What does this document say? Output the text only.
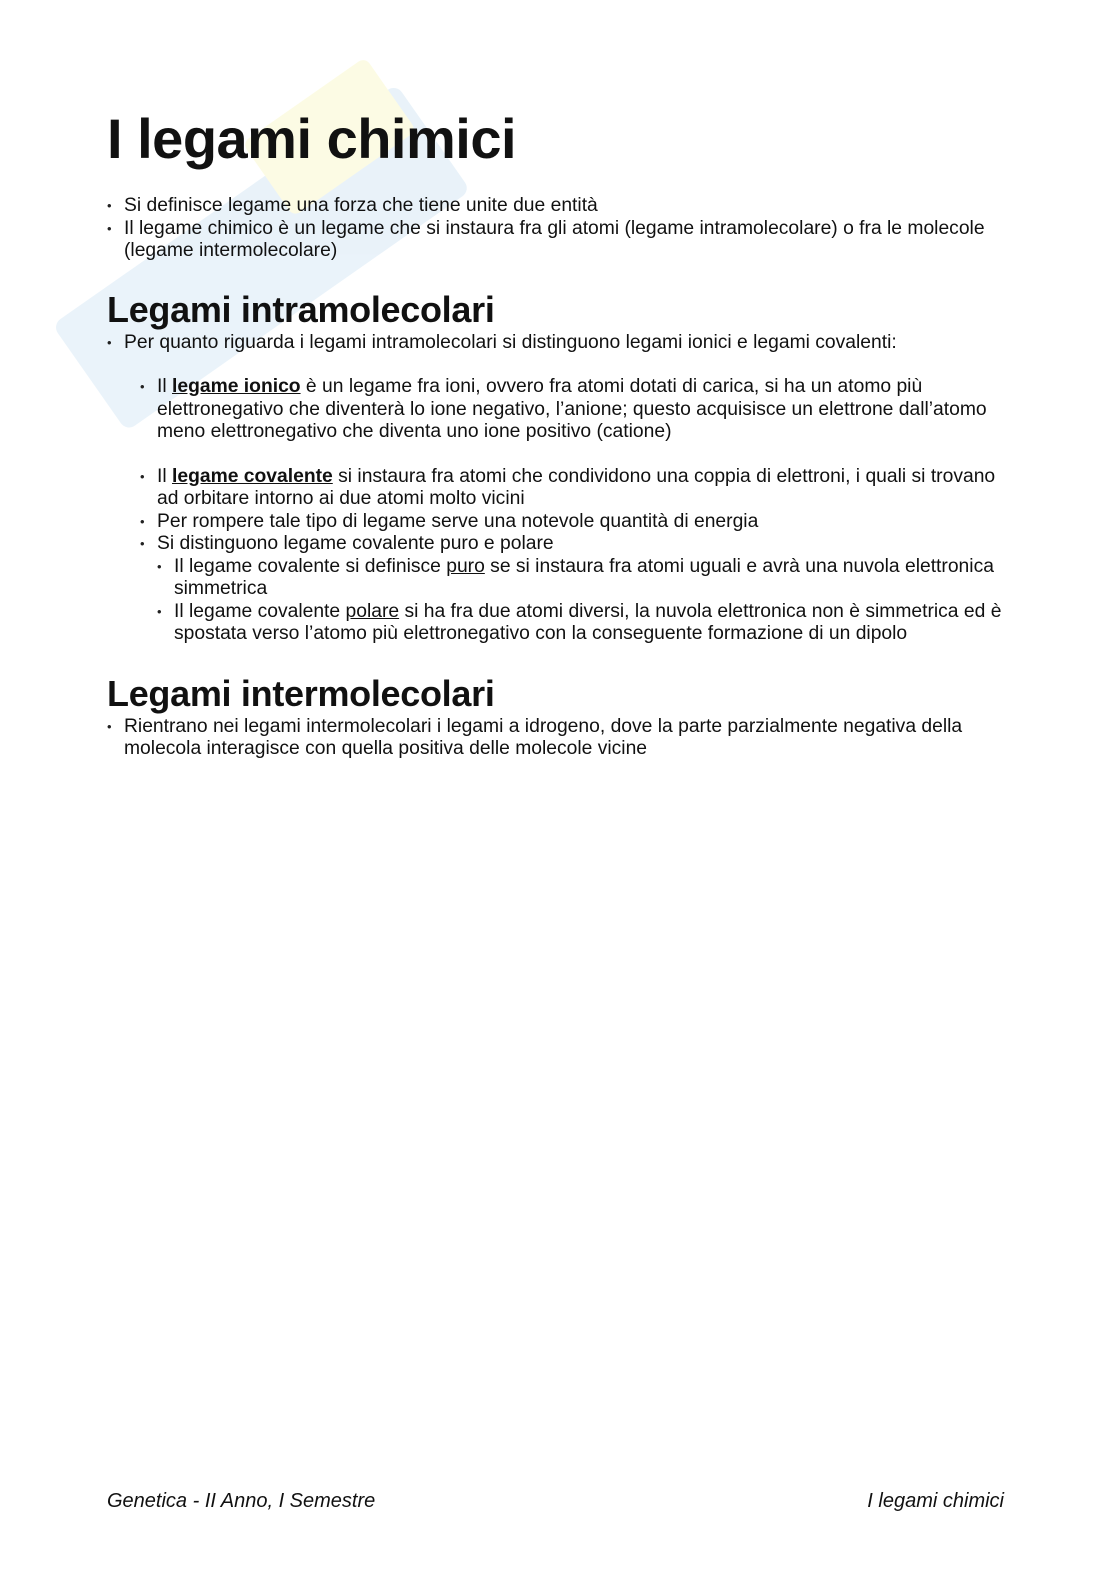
I legami chimici
• Si definisce legame una forza che tiene unite due entità
• Il legame chimico è un legame che si instaura fra gli atomi (legame intramolecolare) o fra le molecole (legame intermolecolare)
Legami intramolecolari
• Per quanto riguarda i legami intramolecolari si distinguono legami ionici e legami covalenti:
• Il legame ionico è un legame fra ioni, ovvero fra atomi dotati di carica, si ha un atomo più elettronegativo che diventerà lo ione negativo, l’anione; questo acquisisce un elettrone dall’atomo meno elettronegativo che diventa uno ione positivo (catione)
• Il legame covalente si instaura fra atomi che condividono una coppia di elettroni, i quali si trovano ad orbitare intorno ai due atomi molto vicini
• Per rompere tale tipo di legame serve una notevole quantità di energia
• Si distinguono legame covalente puro e polare
• Il legame covalente si definisce puro se si instaura fra atomi uguali e avrà una nuvola elettronica simmetrica
• Il legame covalente polare si ha fra due atomi diversi, la nuvola elettronica non è simmetrica ed è spostata verso l’atomo più elettronegativo con la conseguente formazione di un dipolo
Legami intermolecolari
• Rientrano nei legami intermolecolari i legami a idrogeno, dove la parte parzialmente negativa della molecola interagisce con quella positiva delle molecole vicine
Genetica - II Anno, I Semestre	I legami chimici
